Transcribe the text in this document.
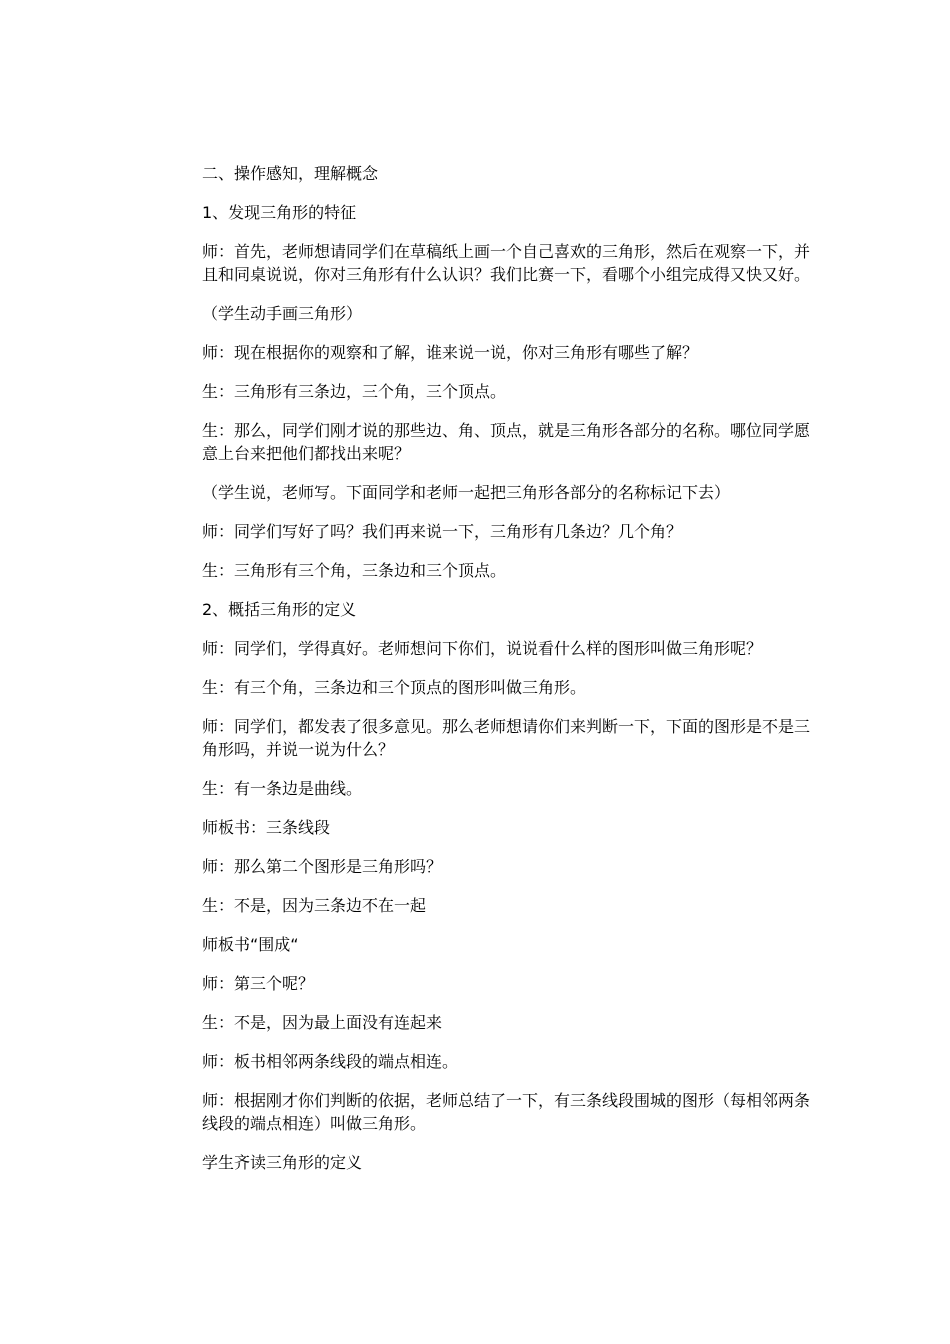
二、操作感知，理解概念

1、发现三角形的特征

师：首先，老师想请同学们在草稿纸上画一个自己喜欢的三角形，然后在观察一下，并且和同桌说说，你对三角形有什么认识？我们比赛一下，看哪个小组完成得又快又好。

（学生动手画三角形）

师：现在根据你的观察和了解，谁来说一说，你对三角形有哪些了解？

生：三角形有三条边，三个角，三个顶点。

生：那么，同学们刚才说的那些边、角、顶点，就是三角形各部分的名称。哪位同学愿意上台来把他们都找出来呢？

（学生说，老师写。下面同学和老师一起把三角形各部分的名称标记下去）

师：同学们写好了吗？我们再来说一下，三角形有几条边？几个角？

生：三角形有三个角，三条边和三个顶点。

2、概括三角形的定义

师：同学们，学得真好。老师想问下你们，说说看什么样的图形叫做三角形呢？

生：有三个角，三条边和三个顶点的图形叫做三角形。

师：同学们，都发表了很多意见。那么老师想请你们来判断一下，下面的图形是不是三角形吗，并说一说为什么？

生：有一条边是曲线。

师板书：三条线段

师：那么第二个图形是三角形吗？

生：不是，因为三条边不在一起

师板书“围成“

师：第三个呢？

生：不是，因为最上面没有连起来

师：板书相邻两条线段的端点相连。

师：根据刚才你们判断的依据，老师总结了一下，有三条线段围城的图形（每相邻两条线段的端点相连）叫做三角形。

学生齐读三角形的定义
